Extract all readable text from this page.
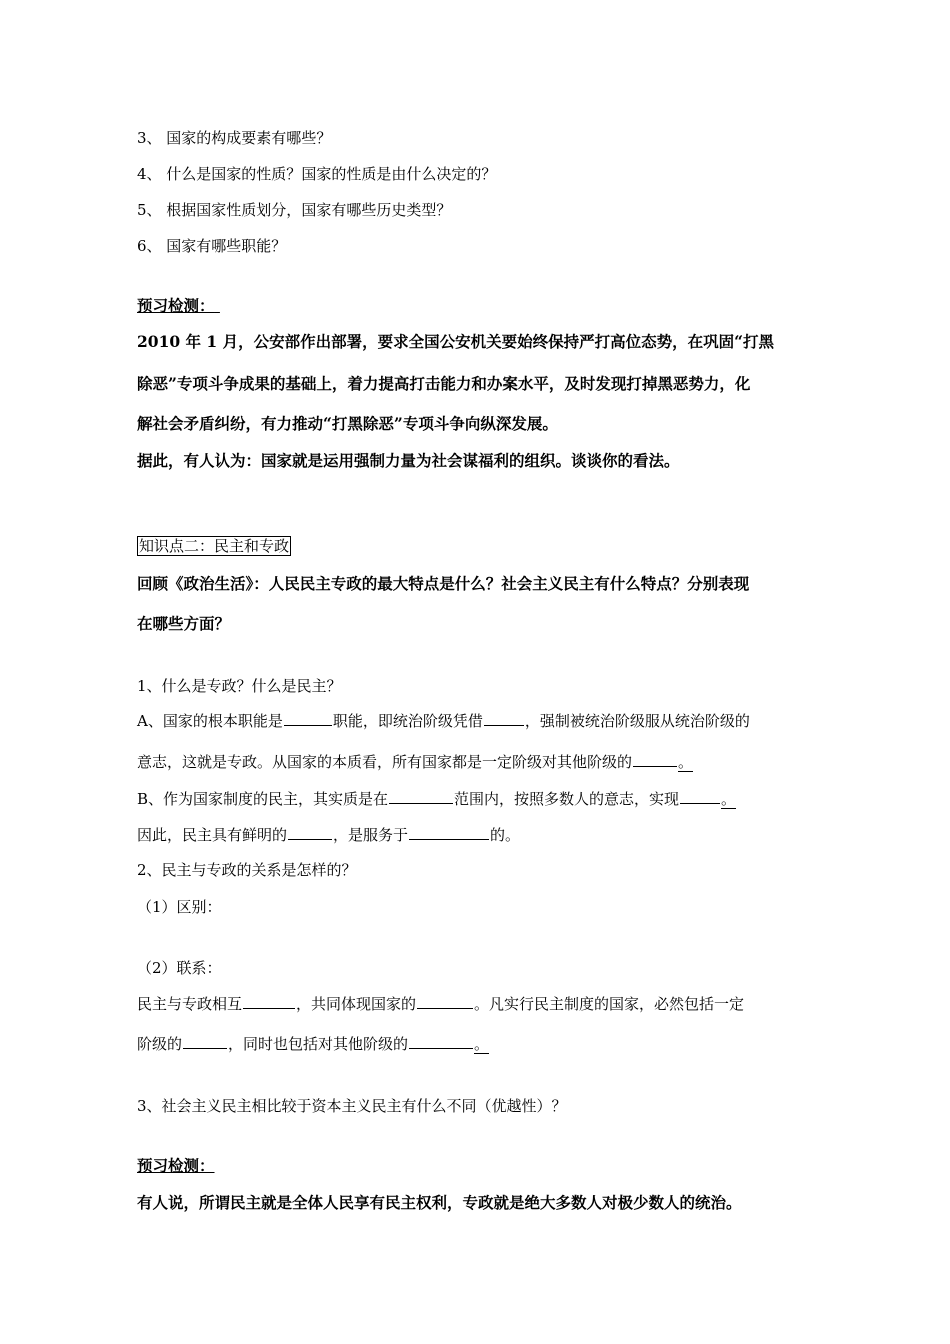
3、 国家的构成要素有哪些？
4、 什么是国家的性质？国家的性质是由什么决定的？
5、 根据国家性质划分，国家有哪些历史类型？
6、 国家有哪些职能？
预习检测：
2010 年 1 月，公安部作出部署，要求全国公安机关要始终保持严打高位态势，在巩固“打黑
除恶”专项斗争成果的基础上，着力提高打击能力和办案水平，及时发现打掉黑恶势力，化
解社会矛盾纠纷，有力推动“打黑除恶”专项斗争向纵深发展。
据此，有人认为：国家就是运用强制力量为社会谋福利的组织。谈谈你的看法。
知识点二：民主和专政
回顾《政治生活》：人民民主专政的最大特点是什么？社会主义民主有什么特点？分别表现
在哪些方面？
1、什么是专政？什么是民主？
A、国家的根本职能是	职能，即统治阶级凭借	，强制被统治阶级服从统治阶级的
意志，这就是专政。从国家的本质看，所有国家都是一定阶级对其他阶级的	。
B、作为国家制度的民主，其实质是在	范围内，按照多数人的意志，实现	。
因此，民主具有鲜明的	，是服务于	的。
2、民主与专政的关系是怎样的？
（1）区别：
（2）联系：
民主与专政相互	，共同体现国家的	。凡实行民主制度的国家，必然包括一定
阶级的	，同时也包括对其他阶级的	。
3、社会主义民主相比较于资本主义民主有什么不同（优越性）？
预习检测：
有人说，所谓民主就是全体人民享有民主权利，专政就是绝大多数人对极少数人的统治。
